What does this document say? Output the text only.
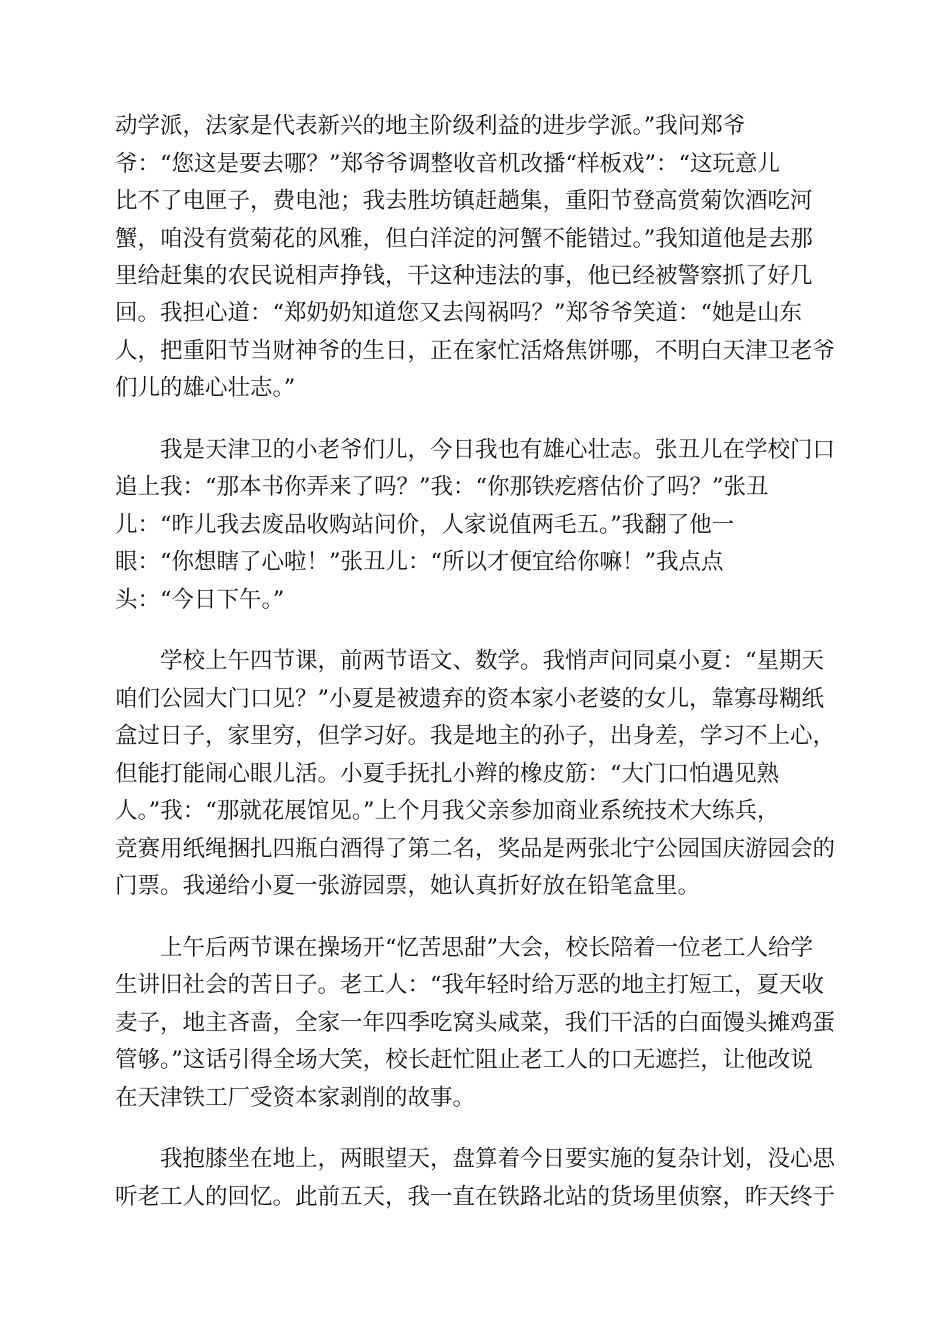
动学派，法家是代表新兴的地主阶级利益的进步学派。”我问郑爷
爷：“您这是要去哪？”郑爷爷调整收音机改播“样板戏”：“这玩意儿
比不了电匣子，费电池；我去胜坊镇赶趟集，重阳节登高赏菊饮酒吃河
蟹，咱没有赏菊花的风雅，但白洋淀的河蟹不能错过。”我知道他是去那
里给赶集的农民说相声挣钱，干这种违法的事，他已经被警察抓了好几
回。我担心道：“郑奶奶知道您又去闯祸吗？”郑爷爷笑道：“她是山东
人，把重阳节当财神爷的生日，正在家忙活烙焦饼哪，不明白天津卫老爷
们儿的雄心壮志。”
我是天津卫的小老爷们儿，今日我也有雄心壮志。张丑儿在学校门口
追上我：“那本书你弄来了吗？”我：“你那铁疙瘩估价了吗？”张丑
儿：“昨儿我去废品收购站问价，人家说值两毛五。”我翻了他一
眼：“你想瞎了心啦！”张丑儿：“所以才便宜给你嘛！”我点点
头：“今日下午。”
学校上午四节课，前两节语文、数学。我悄声问同桌小夏：“星期天
咱们公园大门口见？”小夏是被遗弃的资本家小老婆的女儿，靠寡母糊纸
盒过日子，家里穷，但学习好。我是地主的孙子，出身差，学习不上心，
但能打能闹心眼儿活。小夏手抚扎小辫的橡皮筋：“大门口怕遇见熟
人。”我：“那就花展馆见。”上个月我父亲参加商业系统技术大练兵，
竞赛用纸绳捆扎四瓶白酒得了第二名，奖品是两张北宁公园国庆游园会的
门票。我递给小夏一张游园票，她认真折好放在铅笔盒里。
上午后两节课在操场开“忆苦思甜”大会，校长陪着一位老工人给学
生讲旧社会的苦日子。老工人：“我年轻时给万恶的地主打短工，夏天收
麦子，地主吝啬，全家一年四季吃窝头咸菜，我们干活的白面馒头摊鸡蛋
管够。”这话引得全场大笑，校长赶忙阻止老工人的口无遮拦，让他改说
在天津铁工厂受资本家剥削的故事。
我抱膝坐在地上，两眼望天，盘算着今日要实施的复杂计划，没心思
听老工人的回忆。此前五天，我一直在铁路北站的货场里侦察，昨天终于
